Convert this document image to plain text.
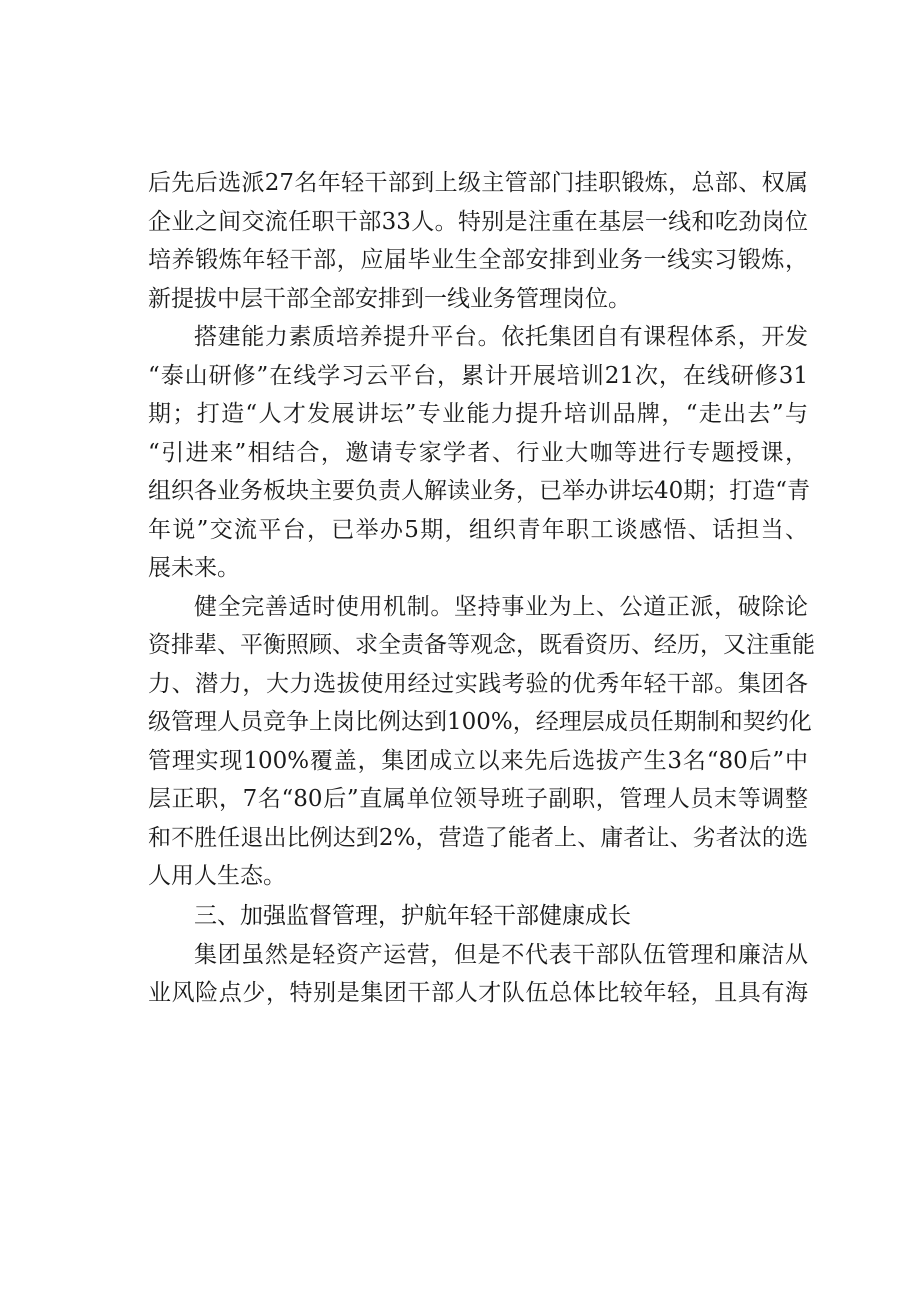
后先后选派27名年轻干部到上级主管部门挂职锻炼，总部、权属
企业之间交流任职干部33人。特别是注重在基层一线和吃劲岗位
培养锻炼年轻干部，应届毕业生全部安排到业务一线实习锻炼，
新提拔中层干部全部安排到一线业务管理岗位。
搭建能力素质培养提升平台。依托集团自有课程体系，开发
“泰山研修”在线学习云平台，累计开展培训21次，在线研修31
期；打造“人才发展讲坛”专业能力提升培训品牌，“走出去”与
“引进来”相结合，邀请专家学者、行业大咖等进行专题授课，
组织各业务板块主要负责人解读业务，已举办讲坛40期；打造“青
年说”交流平台，已举办5期，组织青年职工谈感悟、话担当、
展未来。
健全完善适时使用机制。坚持事业为上、公道正派，破除论
资排辈、平衡照顾、求全责备等观念，既看资历、经历，又注重能
力、潜力，大力选拔使用经过实践考验的优秀年轻干部。集团各
级管理人员竞争上岗比例达到100%，经理层成员任期制和契约化
管理实现100%覆盖，集团成立以来先后选拔产生3名“80后”中
层正职，7名“80后”直属单位领导班子副职，管理人员末等调整
和不胜任退出比例达到2%，营造了能者上、庸者让、劣者汰的选
人用人生态。
三、加强监督管理，护航年轻干部健康成长
集团虽然是轻资产运营，但是不代表干部队伍管理和廉洁从
业风险点少，特别是集团干部人才队伍总体比较年轻，且具有海
